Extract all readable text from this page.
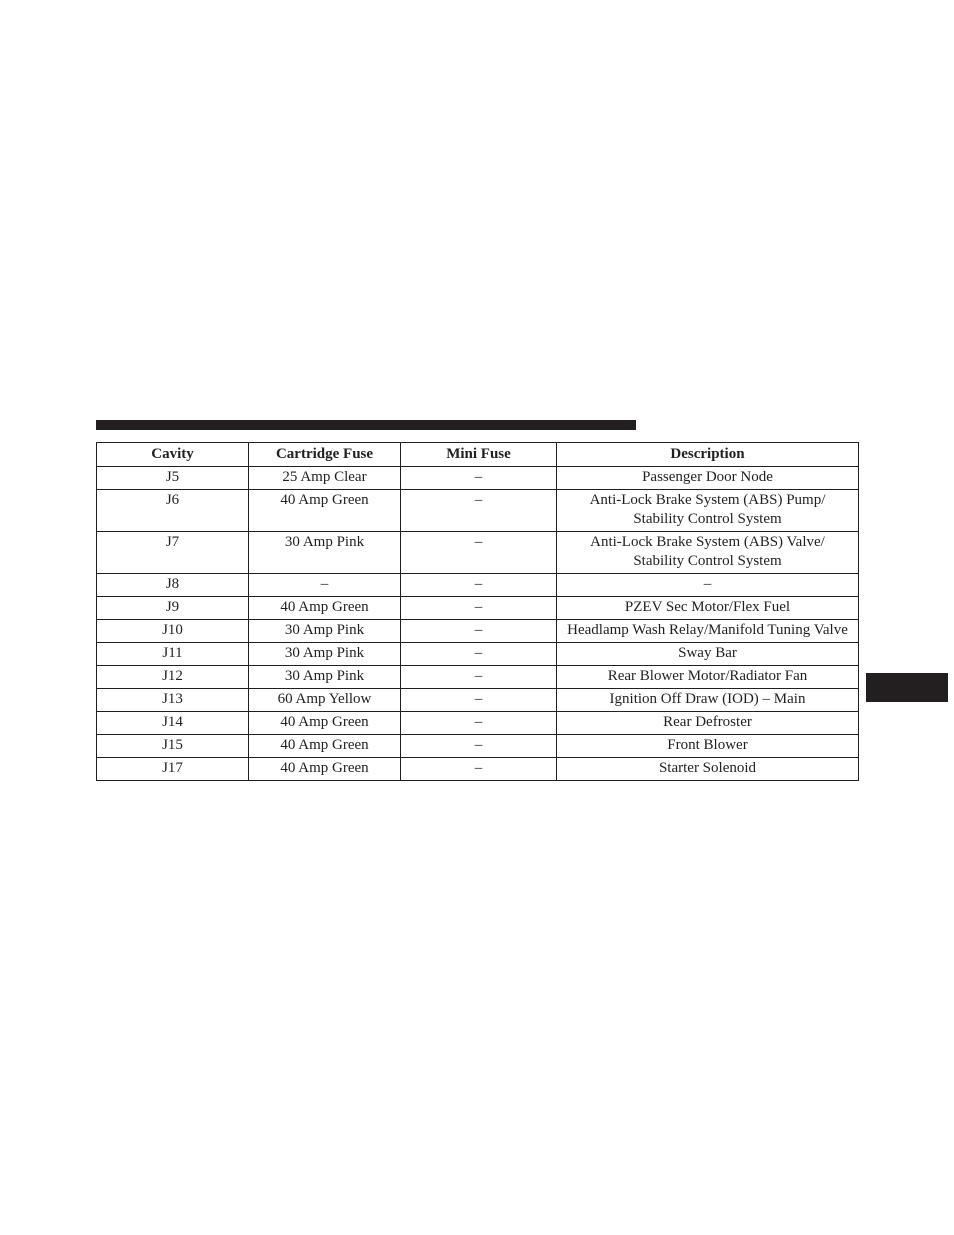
Cavity	Cartridge Fuse	Mini Fuse	Description
J5	25 Amp Clear	–	Passenger Door Node
J6	40 Amp Green	–	Anti-Lock Brake System (ABS) Pump/ Stability Control System
J7	30 Amp Pink	–	Anti-Lock Brake System (ABS) Valve/ Stability Control System
J8	–	–	–
J9	40 Amp Green	–	PZEV Sec Motor/Flex Fuel
J10	30 Amp Pink	–	Headlamp Wash Relay/Manifold Tuning Valve
J11	30 Amp Pink	–	Sway Bar
J12	30 Amp Pink	–	Rear Blower Motor/Radiator Fan
J13	60 Amp Yellow	–	Ignition Off Draw (IOD) – Main
J14	40 Amp Green	–	Rear Defroster
J15	40 Amp Green	–	Front Blower
J17	40 Amp Green	–	Starter Solenoid
